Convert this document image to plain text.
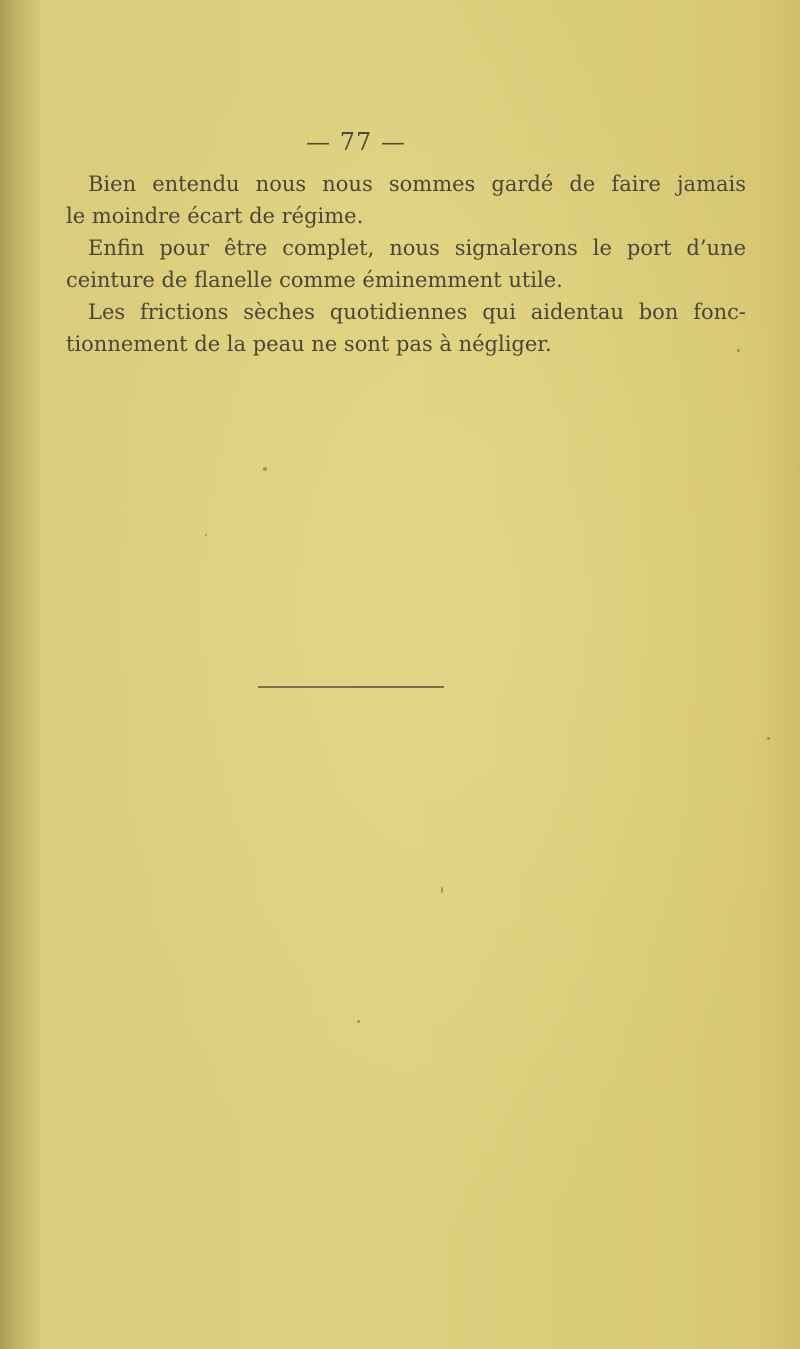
— 77 —
Bien entendu nous nous sommes gardé de faire jamais
le moindre écart de régime.
Enfin pour être complet, nous signalerons le port d’une
ceinture de flanelle comme éminemment utile.
Les frictions sèches quotidiennes qui aidentau bon fonc-
tionnement de la peau ne sont pas à négliger.
